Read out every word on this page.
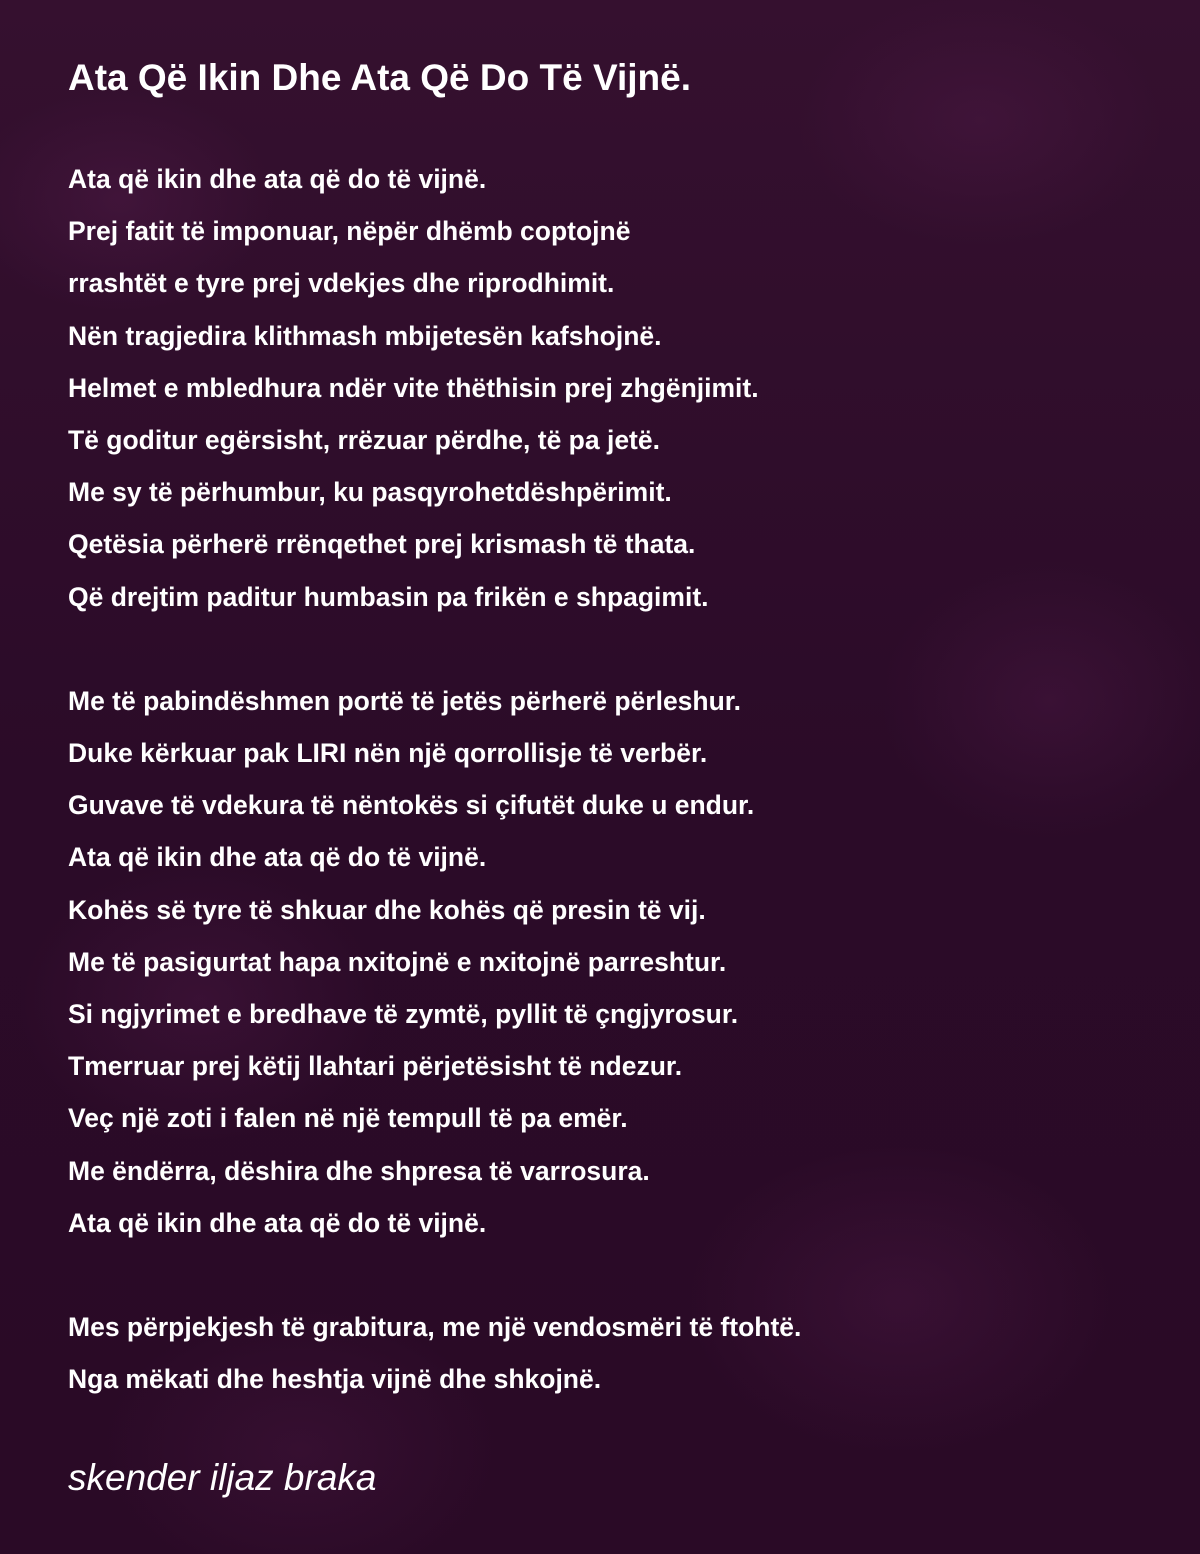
Ata Që Ikin Dhe Ata Që Do Të Vijnë.
Ata që ikin dhe ata që do të vijnë.
Prej fatit të imponuar, nëpër dhëmb coptojnë
rrashtët e tyre prej vdekjes dhe riprodhimit.
Nën tragjedira klithmash mbijetesën kafshojnë.
Helmet e mbledhura ndër vite thëthisin prej zhgënjimit.
Të goditur egërsisht, rrëzuar përdhe, të pa jetë.
Me sy të përhumbur, ku pasqyrohetdëshpërimit.
Qetësia përherë rrënqethet prej krismash të thata.
Që drejtim paditur humbasin pa frikën e shpagimit.
Me të pabindëshmen portë të jetës përherë përleshur.
Duke kërkuar pak LIRI nën një qorrollisje të verbër.
Guvave të vdekura të nëntokës si çifutët duke u endur.
Ata që ikin dhe ata që do të vijnë.
Kohës së tyre të shkuar dhe kohës që presin të vij.
Me të pasigurtat hapa nxitojnë e nxitojnë parreshtur.
Si ngjyrimet e bredhave të zymtë, pyllit të çngjyrosur.
Tmerruar prej këtij llahtari përjetësisht të ndezur.
Veç një zoti i falen në një tempull të pa emër.
Me ëndërra, dëshira dhe shpresa të varrosura.
Ata që ikin dhe ata që do të vijnë.
Mes përpjekjesh të grabitura, me një vendosmëri të ftohtë.
Nga mëkati dhe heshtja vijnë dhe shkojnë.
skender iljaz braka
